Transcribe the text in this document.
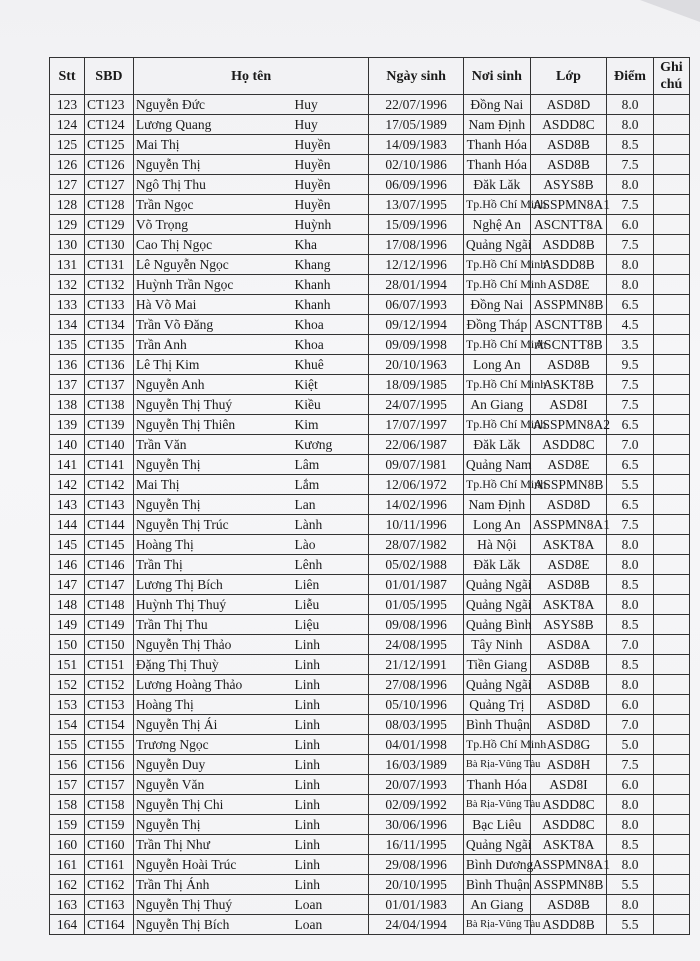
Stt	SBD	Họ tên		Ngày sinh	Nơi sinh	Lớp	Điểm	Ghi chú
123	CT123	Nguyễn Đức	Huy	22/07/1996	Đồng Nai	ASD8D	8.0	
124	CT124	Lương Quang	Huy	17/05/1989	Nam Định	ASDD8C	8.0	
125	CT125	Mai Thị	Huyền	14/09/1983	Thanh Hóa	ASD8B	8.5	
126	CT126	Nguyễn Thị	Huyền	02/10/1986	Thanh Hóa	ASD8B	7.5	
127	CT127	Ngô Thị Thu	Huyền	06/09/1996	Đăk Lăk	ASYS8B	8.0	
128	CT128	Trần Ngọc	Huyền	13/07/1995	Tp.Hồ Chí Minh	ASSPMN8A1	7.5	
129	CT129	Võ Trọng	Huỳnh	15/09/1996	Nghệ An	ASCNTT8A	6.0	
130	CT130	Cao Thị Ngọc	Kha	17/08/1996	Quảng Ngãi	ASDD8B	7.5	
131	CT131	Lê Nguyễn Ngọc	Khang	12/12/1996	Tp.Hồ Chí Minh	ASDD8B	8.0	
132	CT132	Huỳnh Trần Ngọc	Khanh	28/01/1994	Tp.Hồ Chí Minh	ASD8E	8.0	
133	CT133	Hà Võ Mai	Khanh	06/07/1993	Đồng Nai	ASSPMN8B	6.5	
134	CT134	Trần Võ Đăng	Khoa	09/12/1994	Đồng Tháp	ASCNTT8B	4.5	
135	CT135	Trần Anh	Khoa	09/09/1998	Tp.Hồ Chí Minh	ASCNTT8B	3.5	
136	CT136	Lê Thị Kim	Khuê	20/10/1963	Long An	ASD8B	9.5	
137	CT137	Nguyễn Anh	Kiệt	18/09/1985	Tp.Hồ Chí Minh	ASKT8B	7.5	
138	CT138	Nguyễn Thị Thuý	Kiều	24/07/1995	An Giang	ASD8I	7.5	
139	CT139	Nguyễn Thị Thiên	Kim	17/07/1997	Tp.Hồ Chí Minh	ASSPMN8A2	6.5	
140	CT140	Trần Văn	Kương	22/06/1987	Đăk Lăk	ASDD8C	7.0	
141	CT141	Nguyễn Thị	Lâm	09/07/1981	Quảng Nam	ASD8E	6.5	
142	CT142	Mai Thị	Lắm	12/06/1972	Tp.Hồ Chí Minh	ASSPMN8B	5.5	
143	CT143	Nguyễn Thị	Lan	14/02/1996	Nam Định	ASD8D	6.5	
144	CT144	Nguyễn Thị Trúc	Lành	10/11/1996	Long An	ASSPMN8A1	7.5	
145	CT145	Hoàng Thị	Lào	28/07/1982	Hà Nội	ASKT8A	8.0	
146	CT146	Trần Thị	Lênh	05/02/1988	Đăk Lăk	ASD8E	8.0	
147	CT147	Lương Thị Bích	Liên	01/01/1987	Quảng Ngãi	ASD8B	8.5	
148	CT148	Huỳnh Thị Thuý	Liễu	01/05/1995	Quảng Ngãi	ASKT8A	8.0	
149	CT149	Trần Thị Thu	Liệu	09/08/1996	Quảng Bình	ASYS8B	8.5	
150	CT150	Nguyễn Thị Thảo	Linh	24/08/1995	Tây Ninh	ASD8A	7.0	
151	CT151	Đặng Thị Thuỳ	Linh	21/12/1991	Tiền Giang	ASD8B	8.5	
152	CT152	Lương Hoàng Thảo	Linh	27/08/1996	Quảng Ngãi	ASD8B	8.0	
153	CT153	Hoàng Thị	Linh	05/10/1996	Quảng Trị	ASD8D	6.0	
154	CT154	Nguyễn Thị Ái	Linh	08/03/1995	Bình Thuận	ASD8D	7.0	
155	CT155	Trương Ngọc	Linh	04/01/1998	Tp.Hồ Chí Minh	ASD8G	5.0	
156	CT156	Nguyễn Duy	Linh	16/03/1989	Bà Rịa-Vũng Tàu	ASD8H	7.5	
157	CT157	Nguyễn Văn	Linh	20/07/1993	Thanh Hóa	ASD8I	6.0	
158	CT158	Nguyễn Thị Chi	Linh	02/09/1992	Bà Rịa-Vũng Tàu	ASDD8C	8.0	
159	CT159	Nguyễn Thị	Linh	30/06/1996	Bạc Liêu	ASDD8C	8.0	
160	CT160	Trần Thị Như	Linh	16/11/1995	Quảng Ngãi	ASKT8A	8.5	
161	CT161	Nguyễn Hoài Trúc	Linh	29/08/1996	Bình Dương	ASSPMN8A1	8.0	
162	CT162	Trần Thị Ánh	Linh	20/10/1995	Bình Thuận	ASSPMN8B	5.5	
163	CT163	Nguyễn Thị Thuý	Loan	01/01/1983	An Giang	ASD8B	8.0	
164	CT164	Nguyễn Thị Bích	Loan	24/04/1994	Bà Rịa-Vũng Tàu	ASDD8B	5.5	
